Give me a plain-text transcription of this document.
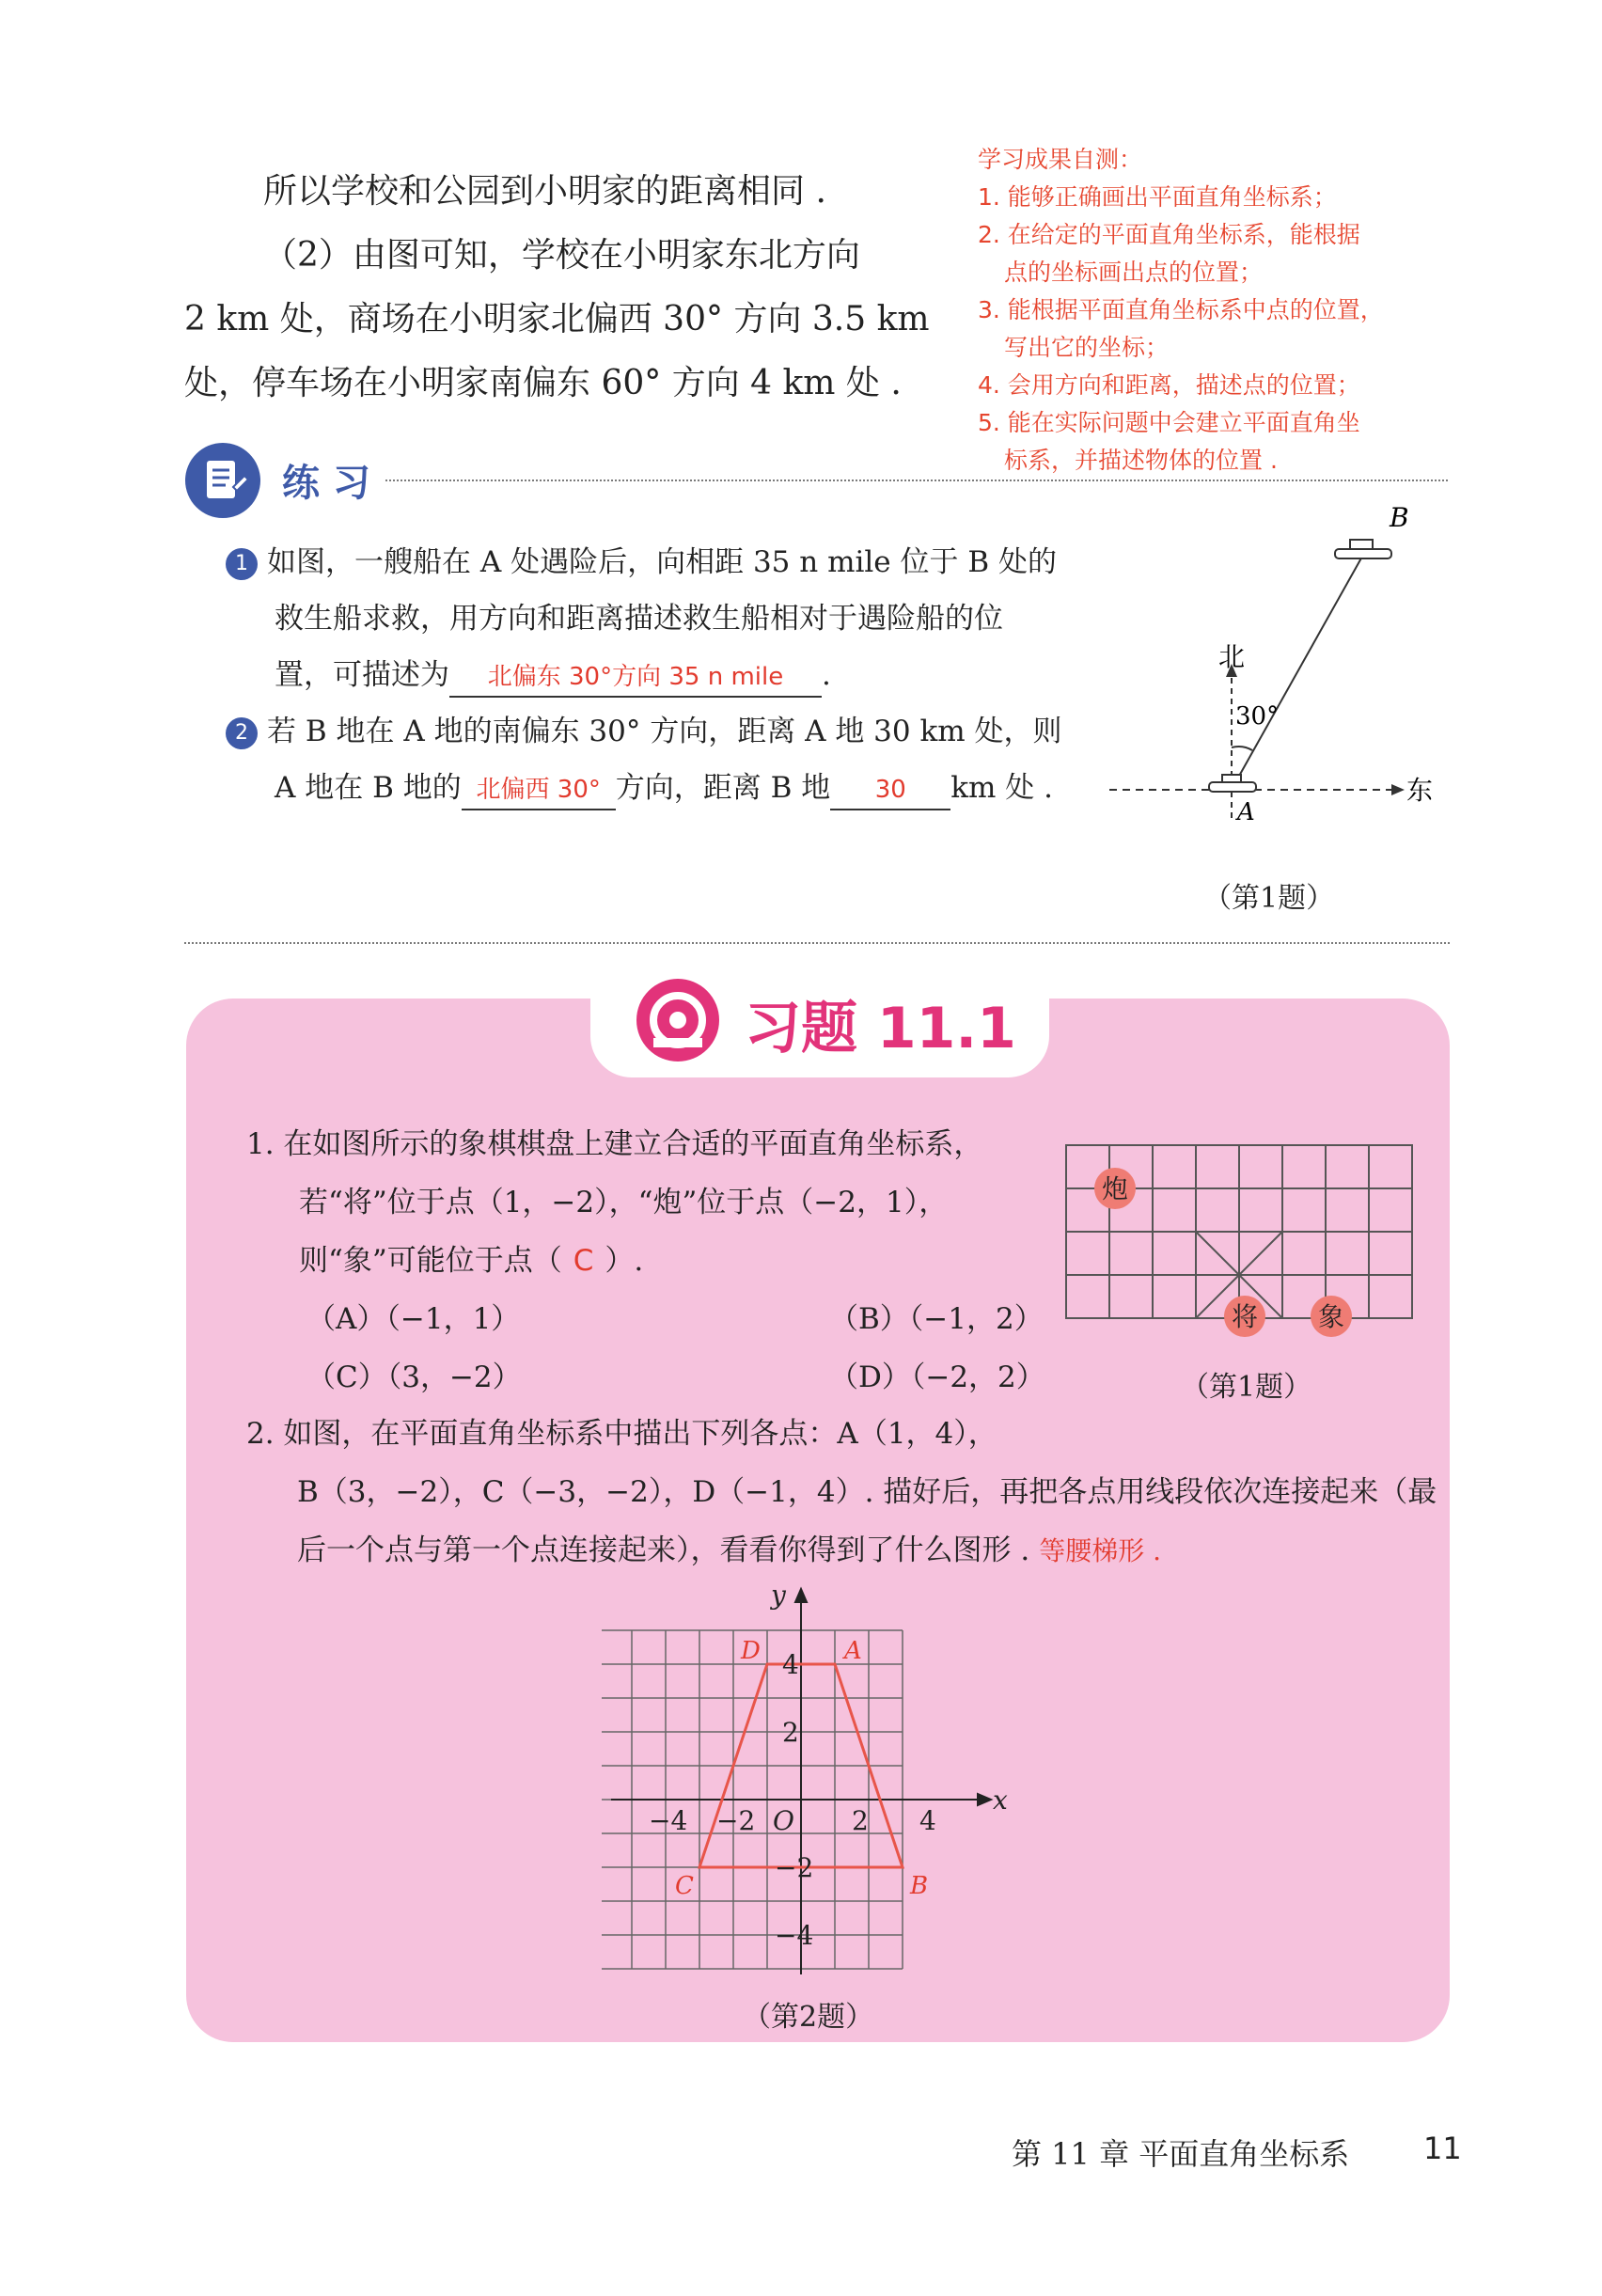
所以学校和公园到小明家的距离相同 .
（2）由图可知，学校在小明家东北方向
2 km 处，商场在小明家北偏西 30° 方向 3.5 km
处，停车场在小明家南偏东 60° 方向 4 km 处 .
学习成果自测：
1. 能够正确画出平面直角坐标系；
2. 在给定的平面直角坐标系，能根据
点的坐标画出点的位置；
3. 能根据平面直角坐标系中点的位置，
写出它的坐标；
4. 会用方向和距离，描述点的位置；
5. 能在实际问题中会建立平面直角坐
标系，并描述物体的位置 .
练 习
1 如图，一艘船在 A 处遇险后，向相距 35 n mile 位于 B 处的
救生船求救，用方向和距离描述救生船相对于遇险船的位
置，可描述为 北偏东 30°方向 35 n mile .
2 若 B 地在 A 地的南偏东 30° 方向，距离 A 地 30 km 处，则
A 地在 B 地的 北偏西 30° 方向，距离 B 地 30 km 处 .
B
北
30°
A
东
（第1题）
习题 11.1
1. 在如图所示的象棋棋盘上建立合适的平面直角坐标系，
若“将”位于点（1，−2），“炮”位于点（−2，1），
则“象”可能位于点（ C ）.
（A）（−1，1）	（B）（−1，2）
（C）（3，−2）	（D）（−2，2）
炮
将 象
（第1题）
2. 如图，在平面直角坐标系中描出下列各点：A（1，4），
B（3，−2），C（−3，−2），D（−1，4）. 描好后，再把各点用线段依次连接起来（最
后一个点与第一个点连接起来），看看你得到了什么图形 . 等腰梯形 .
y
x
O
−4 −2	2 4
4
2
−2
−4
A
B
C
D
（第2题）
第 11 章 平面直角坐标系 11
